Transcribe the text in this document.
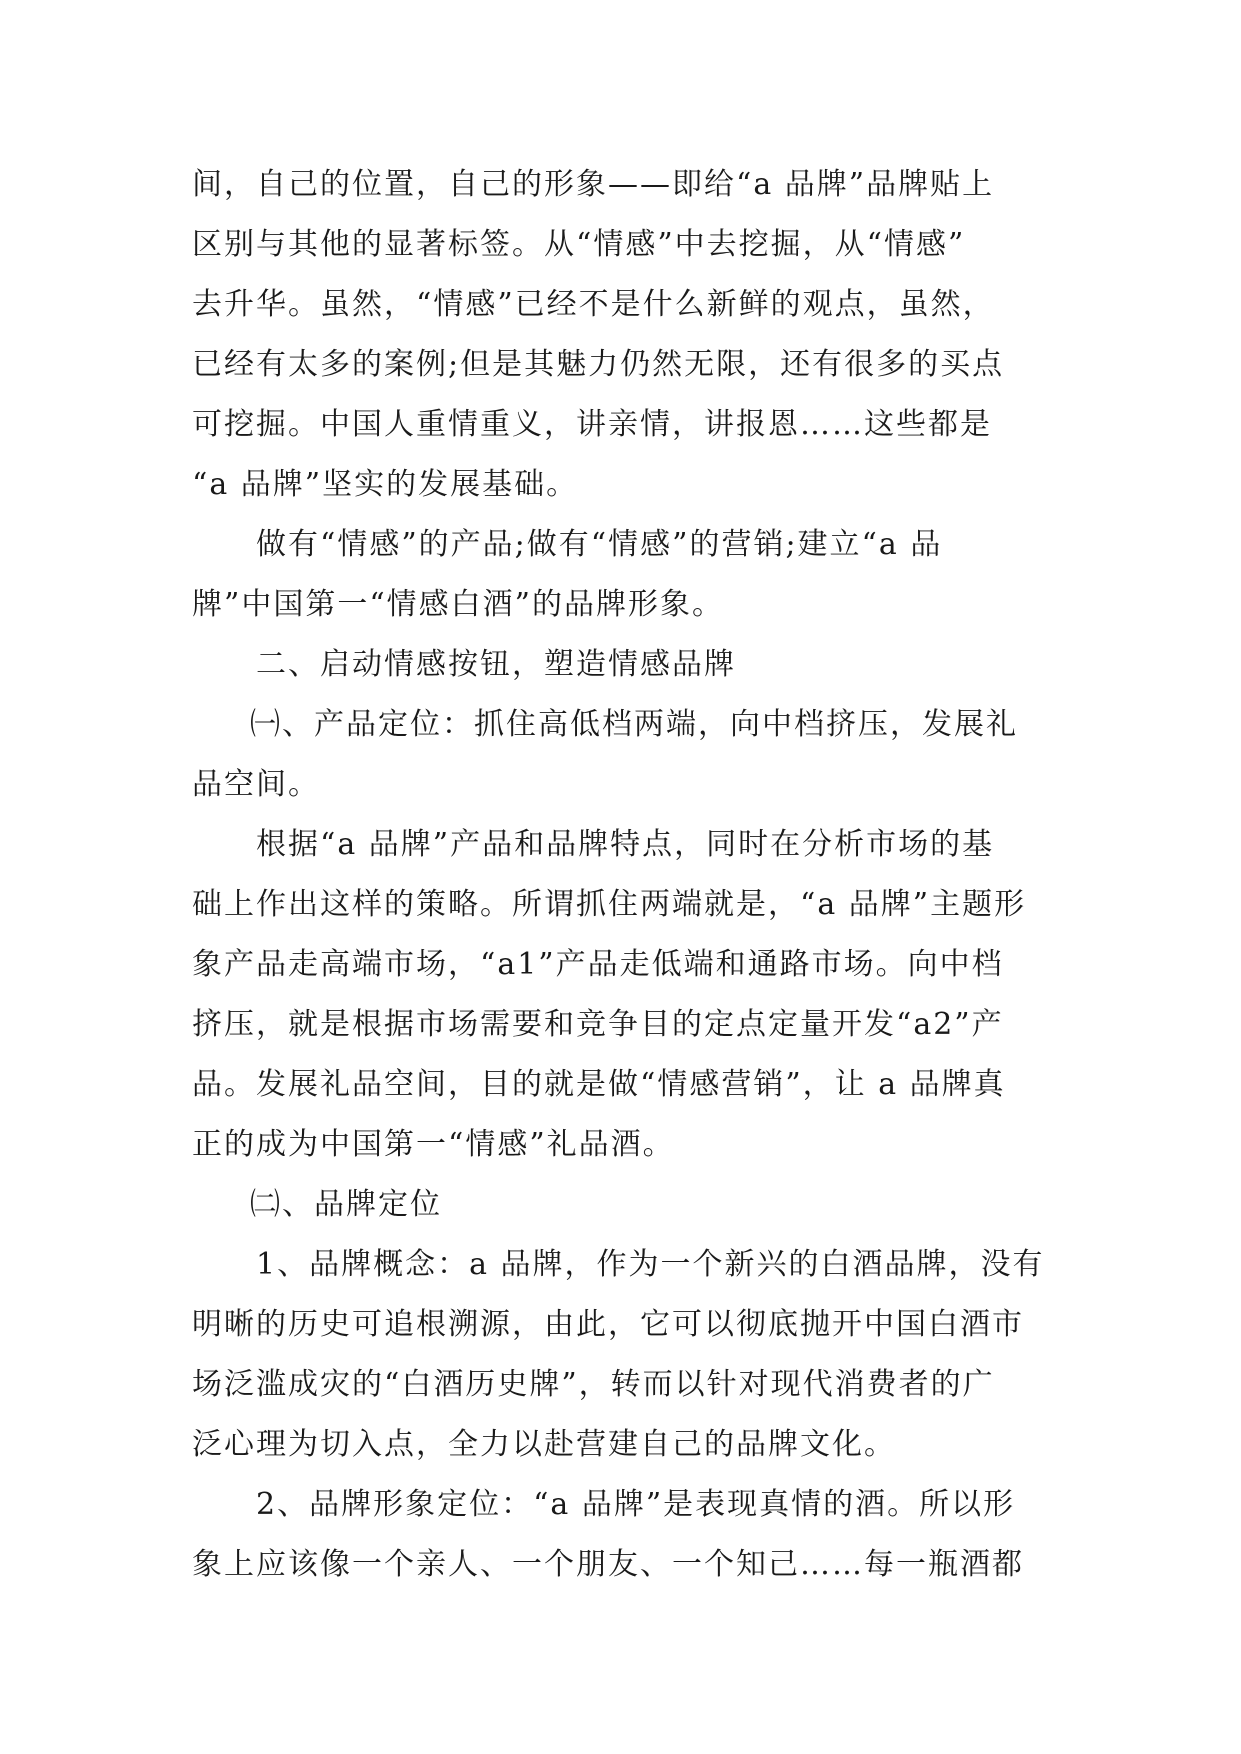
间，自己的位置，自己的形象——即给“a 品牌”品牌贴上
区别与其他的显著标签。从“情感”中去挖掘，从“情感”
去升华。虽然，“情感”已经不是什么新鲜的观点，虽然，
已经有太多的案例;但是其魅力仍然无限，还有很多的买点
可挖掘。中国人重情重义，讲亲情，讲报恩……这些都是
“a 品牌”坚实的发展基础。
做有“情感”的产品;做有“情感”的营销;建立“a 品
牌”中国第一“情感白酒”的品牌形象。
二、启动情感按钮，塑造情感品牌
㈠、产品定位：抓住高低档两端，向中档挤压，发展礼
品空间。
根据“a 品牌”产品和品牌特点，同时在分析市场的基
础上作出这样的策略。所谓抓住两端就是，“a 品牌”主题形
象产品走高端市场，“a1”产品走低端和通路市场。向中档
挤压，就是根据市场需要和竞争目的定点定量开发“a2”产
品。发展礼品空间，目的就是做“情感营销”，让 a 品牌真
正的成为中国第一“情感”礼品酒。
㈡、品牌定位
1、品牌概念：a 品牌，作为一个新兴的白酒品牌，没有
明晰的历史可追根溯源，由此，它可以彻底抛开中国白酒市
场泛滥成灾的“白酒历史牌”，转而以针对现代消费者的广
泛心理为切入点，全力以赴营建自己的品牌文化。
2、品牌形象定位：“a 品牌”是表现真情的酒。所以形
象上应该像一个亲人、一个朋友、一个知己……每一瓶酒都
